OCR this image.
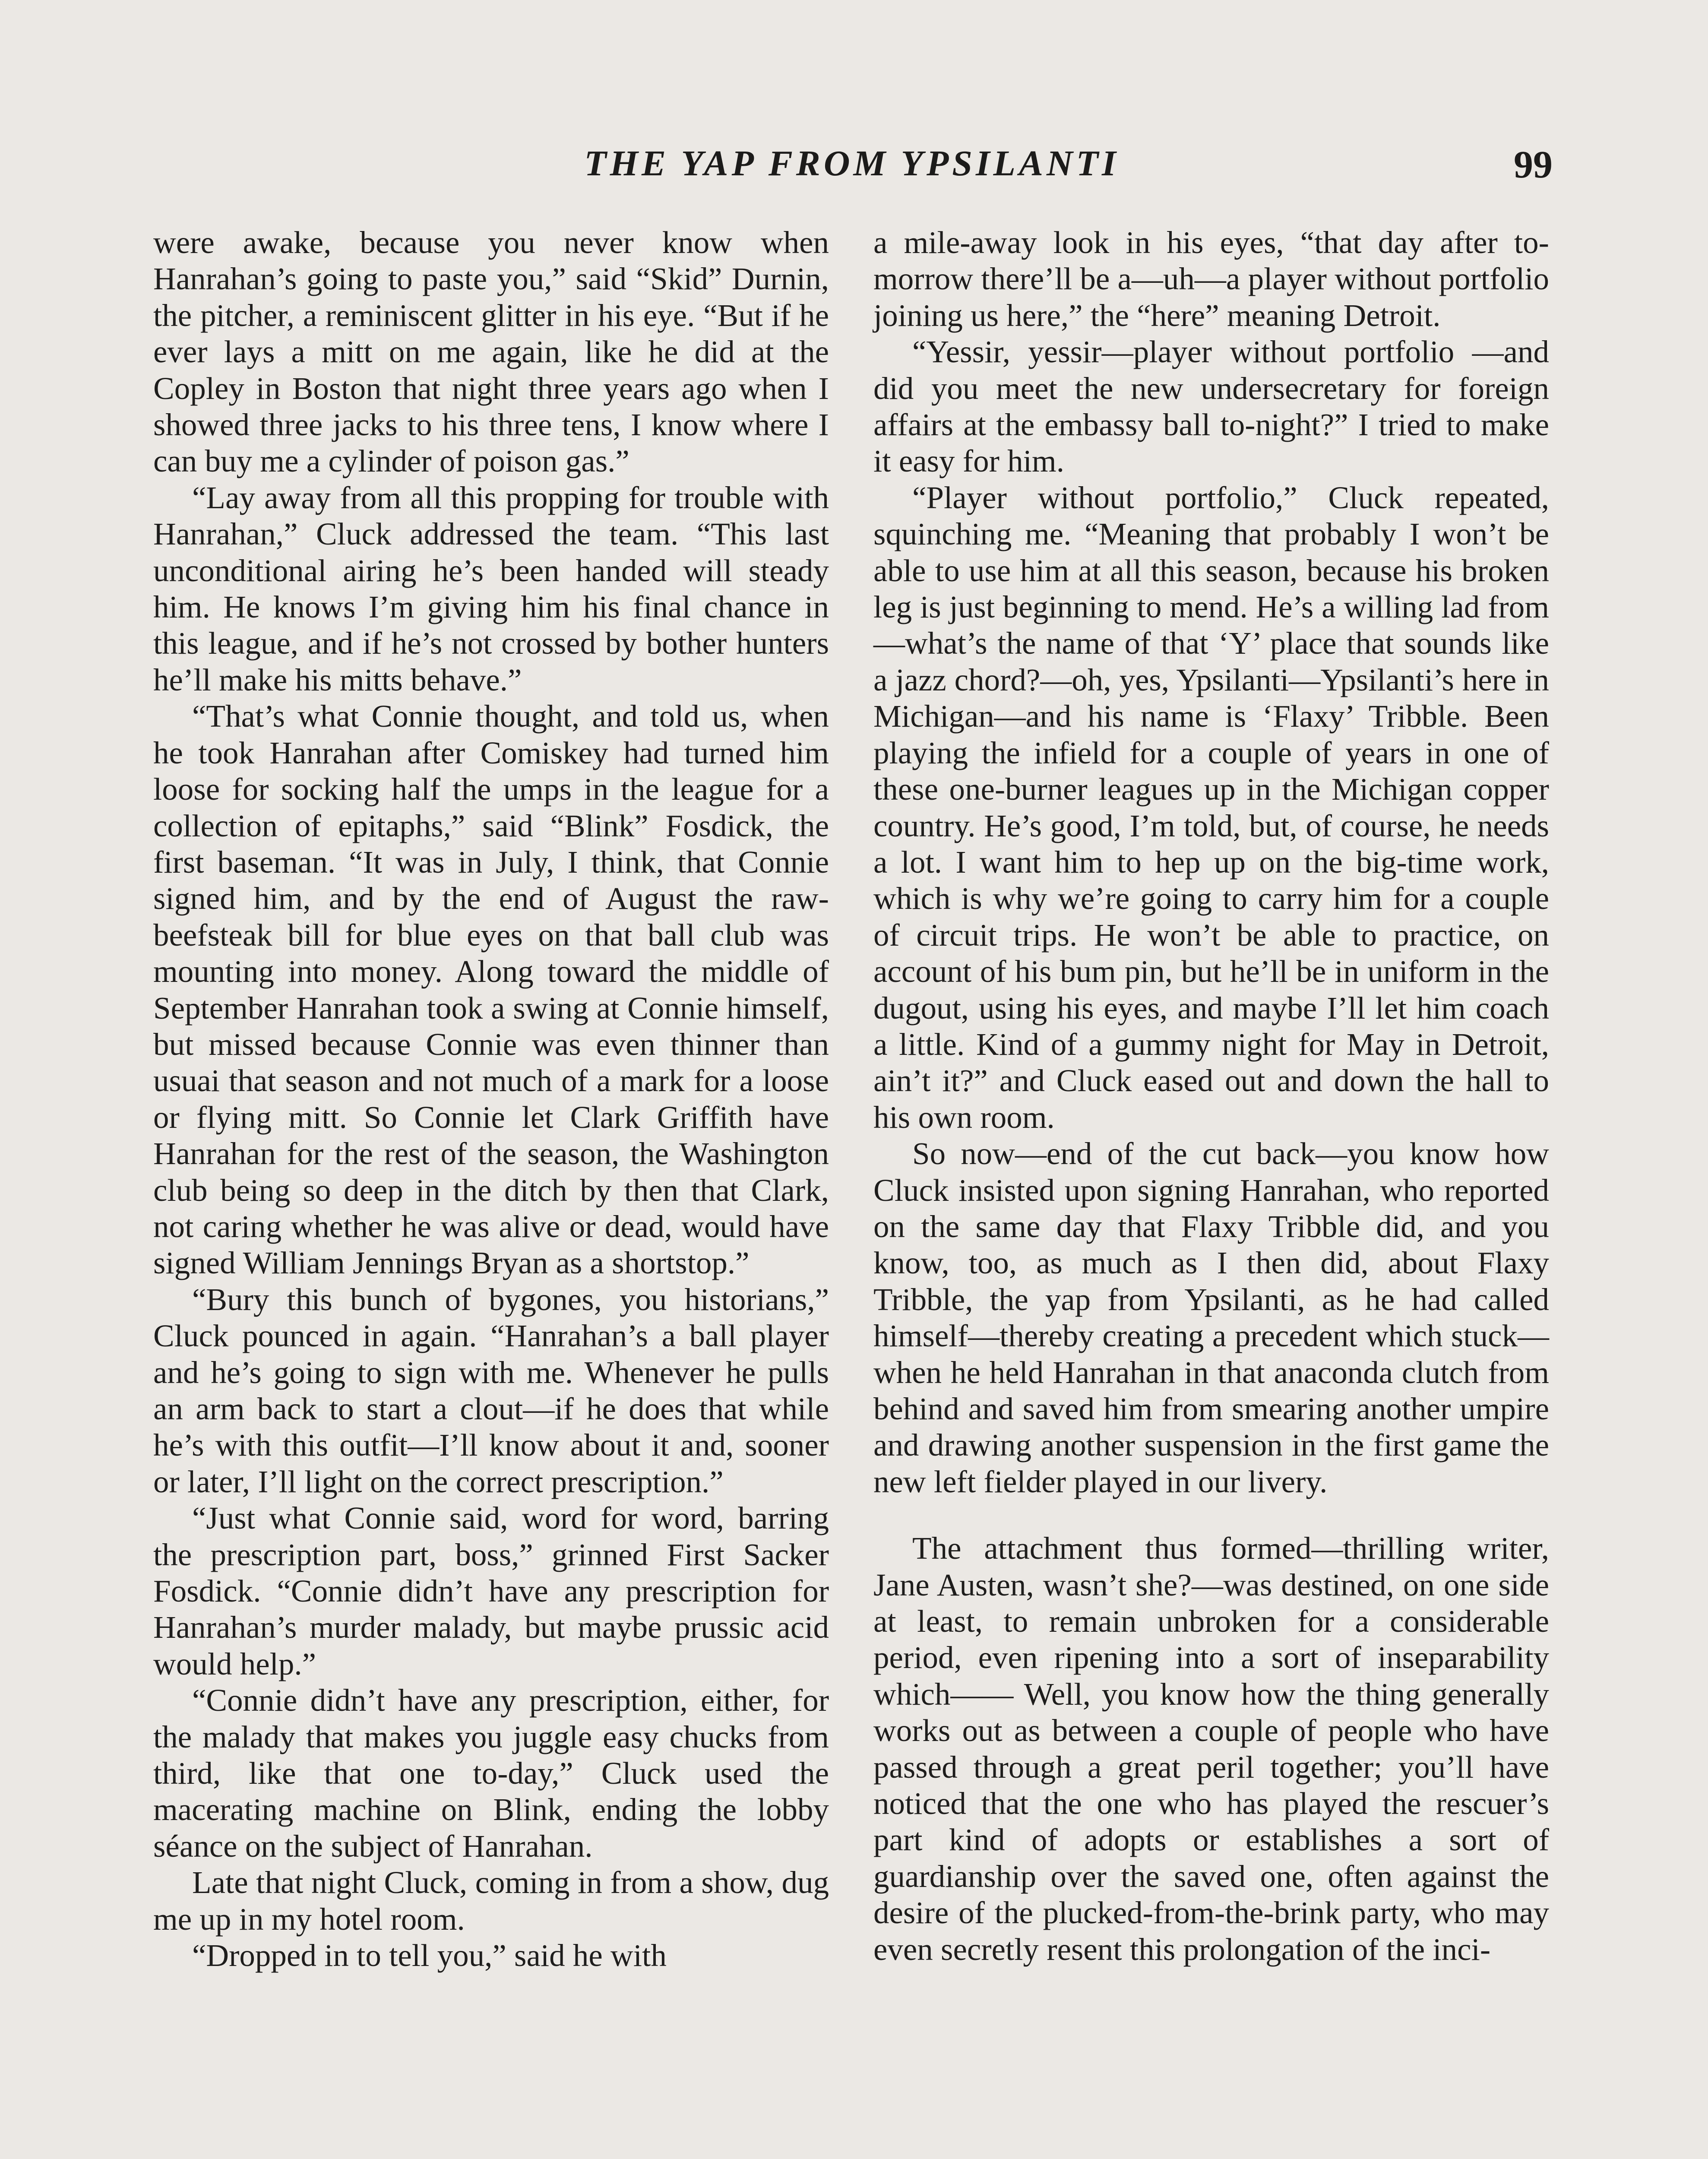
THE YAP FROM YPSILANTI	99

were awake, because you never know when Hanrahan’s going to paste you,” said “Skid” Durnin, the pitcher, a reminiscent glitter in his eye. “But if he ever lays a mitt on me again, like he did at the Copley in Boston that night three years ago when I showed three jacks to his three tens, I know where I can buy me a cylinder of poison gas.”

“Lay away from all this propping for trouble with Hanrahan,” Cluck addressed the team. “This last unconditional airing he’s been handed will steady him. He knows I’m giving him his final chance in this league, and if he’s not crossed by bother hunters he’ll make his mitts behave.”

“That’s what Connie thought, and told us, when he took Hanrahan after Comiskey had turned him loose for socking half the umps in the league for a collection of epitaphs,” said “Blink” Fosdick, the first baseman. “It was in July, I think, that Connie signed him, and by the end of August the raw-beefsteak bill for blue eyes on that ball club was mounting into money. Along toward the middle of September Hanrahan took a swing at Connie himself, but missed because Connie was even thinner than usuai that season and not much of a mark for a loose or flying mitt. So Connie let Clark Griffith have Hanrahan for the rest of the season, the Washington club being so deep in the ditch by then that Clark, not caring whether he was alive or dead, would have signed William Jennings Bryan as a shortstop.”

“Bury this bunch of bygones, you historians,” Cluck pounced in again. “Hanrahan’s a ball player and he’s going to sign with me. Whenever he pulls an arm back to start a clout—if he does that while he’s with this outfit—I’ll know about it and, sooner or later, I’ll light on the correct prescription.”

“Just what Connie said, word for word, barring the prescription part, boss,” grinned First Sacker Fosdick. “Connie didn’t have any prescription for Hanrahan’s murder malady, but maybe prussic acid would help.”

“Connie didn’t have any prescription, either, for the malady that makes you juggle easy chucks from third, like that one to-day,” Cluck used the macerating machine on Blink, ending the lobby séance on the subject of Hanrahan.

Late that night Cluck, coming in from a show, dug me up in my hotel room.

“Dropped in to tell you,” said he with

a mile-away look in his eyes, “that day after to-morrow there’ll be a—uh—a player without portfolio joining us here,” the “here” meaning Detroit.

“Yessir, yessir—player without portfolio —and did you meet the new undersecretary for foreign affairs at the embassy ball to-night?” I tried to make it easy for him.

“Player without portfolio,” Cluck repeated, squinching me. “Meaning that probably I won’t be able to use him at all this season, because his broken leg is just beginning to mend. He’s a willing lad from—what’s the name of that ‘Y’ place that sounds like a jazz chord?—oh, yes, Ypsilanti—Ypsilanti’s here in Michigan—and his name is ‘Flaxy’ Tribble. Been playing the infield for a couple of years in one of these one-burner leagues up in the Michigan copper country. He’s good, I’m told, but, of course, he needs a lot. I want him to hep up on the big-time work, which is why we’re going to carry him for a couple of circuit trips. He won’t be able to practice, on account of his bum pin, but he’ll be in uniform in the dugout, using his eyes, and maybe I’ll let him coach a little. Kind of a gummy night for May in Detroit, ain’t it?” and Cluck eased out and down the hall to his own room.

So now—end of the cut back—you know how Cluck insisted upon signing Hanrahan, who reported on the same day that Flaxy Tribble did, and you know, too, as much as I then did, about Flaxy Tribble, the yap from Ypsilanti, as he had called himself—thereby creating a precedent which stuck—when he held Hanrahan in that anaconda clutch from behind and saved him from smearing another umpire and drawing another suspension in the first game the new left fielder played in our livery.

The attachment thus formed—thrilling writer, Jane Austen, wasn’t she?—was destined, on one side at least, to remain unbroken for a considerable period, even ripening into a sort of inseparability which—— Well, you know how the thing generally works out as between a couple of people who have passed through a great peril together; you’ll have noticed that the one who has played the rescuer’s part kind of adopts or establishes a sort of guardianship over the saved one, often against the desire of the plucked-from-the-brink party, who may even secretly resent this prolongation of the inci-
